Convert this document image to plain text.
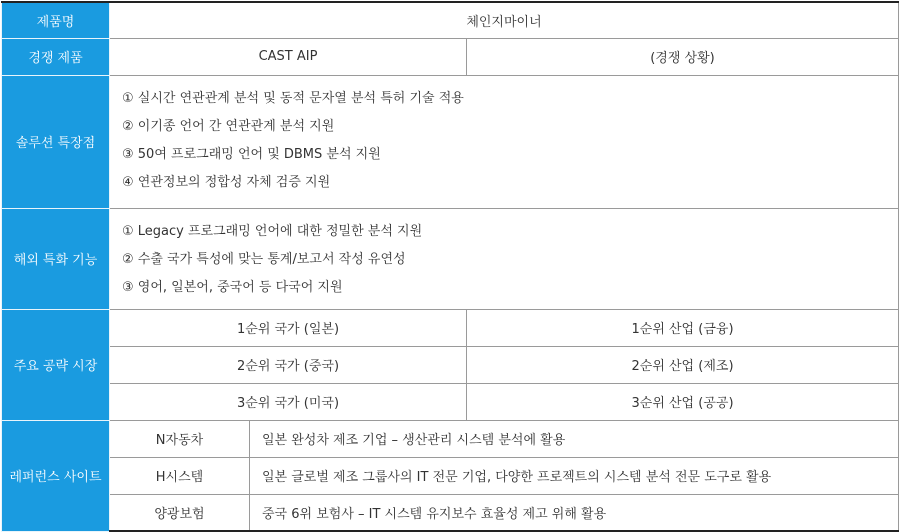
제품명	체인지마이너		
경쟁 제품	CAST AIP		(경쟁 상황)
솔루션 특장점	① 실시간 연관관계 분석 및 동적 문자열 분석 특허 기술 적용
② 이기종 언어 간 연관관계 분석 지원
③ 50여 프로그래밍 언어 및 DBMS 분석 지원
④ 연관정보의 정합성 자체 검증 지원		

해외 특화 기능	① Legacy 프로그래밍 언어에 대한 정밀한 분석 지원
② 수출 국가 특성에 맞는 통계/보고서 작성 유연성
③ 영어, 일본어, 중국어 등 다국어 지원		

주요 공략 시장	1순위 국가 (일본)		1순위 산업 (금융)
	2순위 국가 (중국)		2순위 산업 (제조)
	3순위 국가 (미국)		3순위 산업 (공공)
레퍼런스 사이트	N자동차	일본 완성차 제조 기업 – 생산관리 시스템 분석에 활용	
	H시스템	일본 글로벌 제조 그룹사의 IT 전문 기업, 다양한 프로젝트의 시스템 분석 전문 도구로 활용	
	양광보험	중국 6위 보험사 – IT 시스템 유지보수 효율성 제고 위해 활용	
